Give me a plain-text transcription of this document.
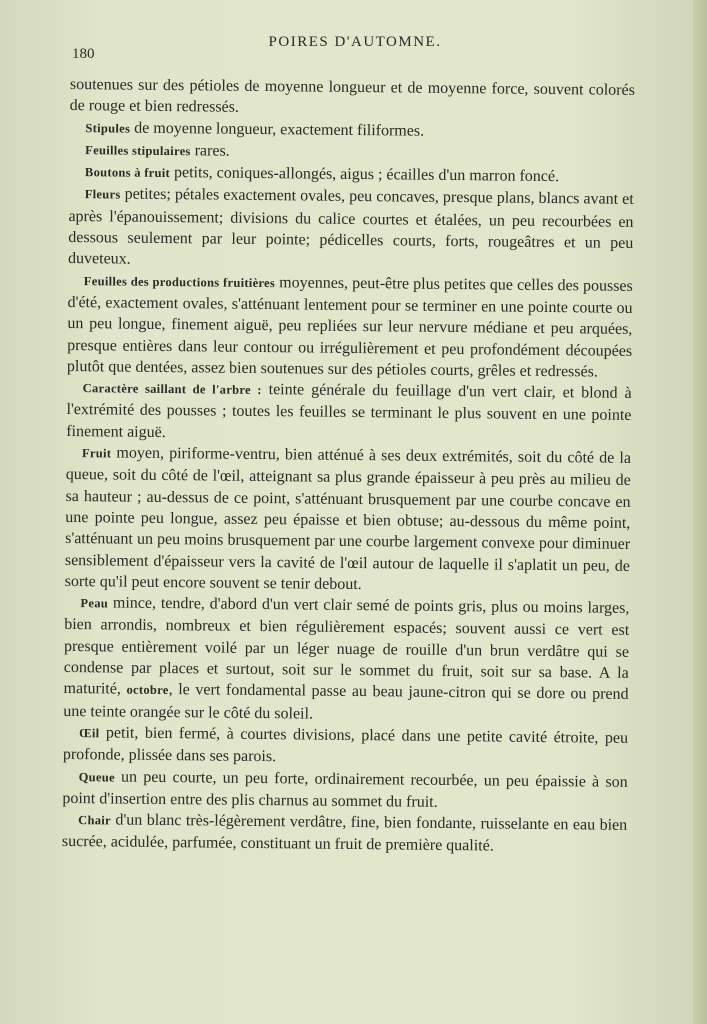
180
POIRES D'AUTOMNE.

soutenues sur des pétioles de moyenne longueur et de moyenne force, souvent colorés de rouge et bien redressés.

Stipules de moyenne longueur, exactement filiformes.

Feuilles stipulaires rares.

Boutons à fruit petits, coniques-allongés, aigus ; écailles d'un marron foncé.

Fleurs petites; pétales exactement ovales, peu concaves, presque plans, blancs avant et après l'épanouissement; divisions du calice courtes et étalées, un peu recourbées en dessous seulement par leur pointe; pédicelles courts, forts, rougeâtres et un peu duveteux.

Feuilles des productions fruitières moyennes, peut-être plus petites que celles des pousses d'été, exactement ovales, s'atténuant lentement pour se terminer en une pointe courte ou un peu longue, finement aiguë, peu repliées sur leur nervure médiane et peu arquées, presque entières dans leur contour ou irrégulièrement et peu profondément découpées plutôt que dentées, assez bien soutenues sur des pétioles courts, grêles et redressés.

Caractère saillant de l'arbre : teinte générale du feuillage d'un vert clair, et blond à l'extrémité des pousses ; toutes les feuilles se terminant le plus souvent en une pointe finement aiguë.

Fruit moyen, piriforme-ventru, bien atténué à ses deux extrémités, soit du côté de la queue, soit du côté de l'œil, atteignant sa plus grande épaisseur à peu près au milieu de sa hauteur ; au-dessus de ce point, s'atténuant brusquement par une courbe concave en une pointe peu longue, assez peu épaisse et bien obtuse; au-dessous du même point, s'atténuant un peu moins brusquement par une courbe largement convexe pour diminuer sensiblement d'épaisseur vers la cavité de l'œil autour de laquelle il s'aplatit un peu, de sorte qu'il peut encore souvent se tenir debout.

Peau mince, tendre, d'abord d'un vert clair semé de points gris, plus ou moins larges, bien arrondis, nombreux et bien régulièrement espacés; souvent aussi ce vert est presque entièrement voilé par un léger nuage de rouille d'un brun verdâtre qui se condense par places et surtout, soit sur le sommet du fruit, soit sur sa base. A la maturité, octobre, le vert fondamental passe au beau jaune-citron qui se dore ou prend une teinte orangée sur le côté du soleil.

Œil petit, bien fermé, à courtes divisions, placé dans une petite cavité étroite, peu profonde, plissée dans ses parois.

Queue un peu courte, un peu forte, ordinairement recourbée, un peu épaissie à son point d'insertion entre des plis charnus au sommet du fruit.

Chair d'un blanc très-légèrement verdâtre, fine, bien fondante, ruisselante en eau bien sucrée, acidulée, parfumée, constituant un fruit de première qualité.
